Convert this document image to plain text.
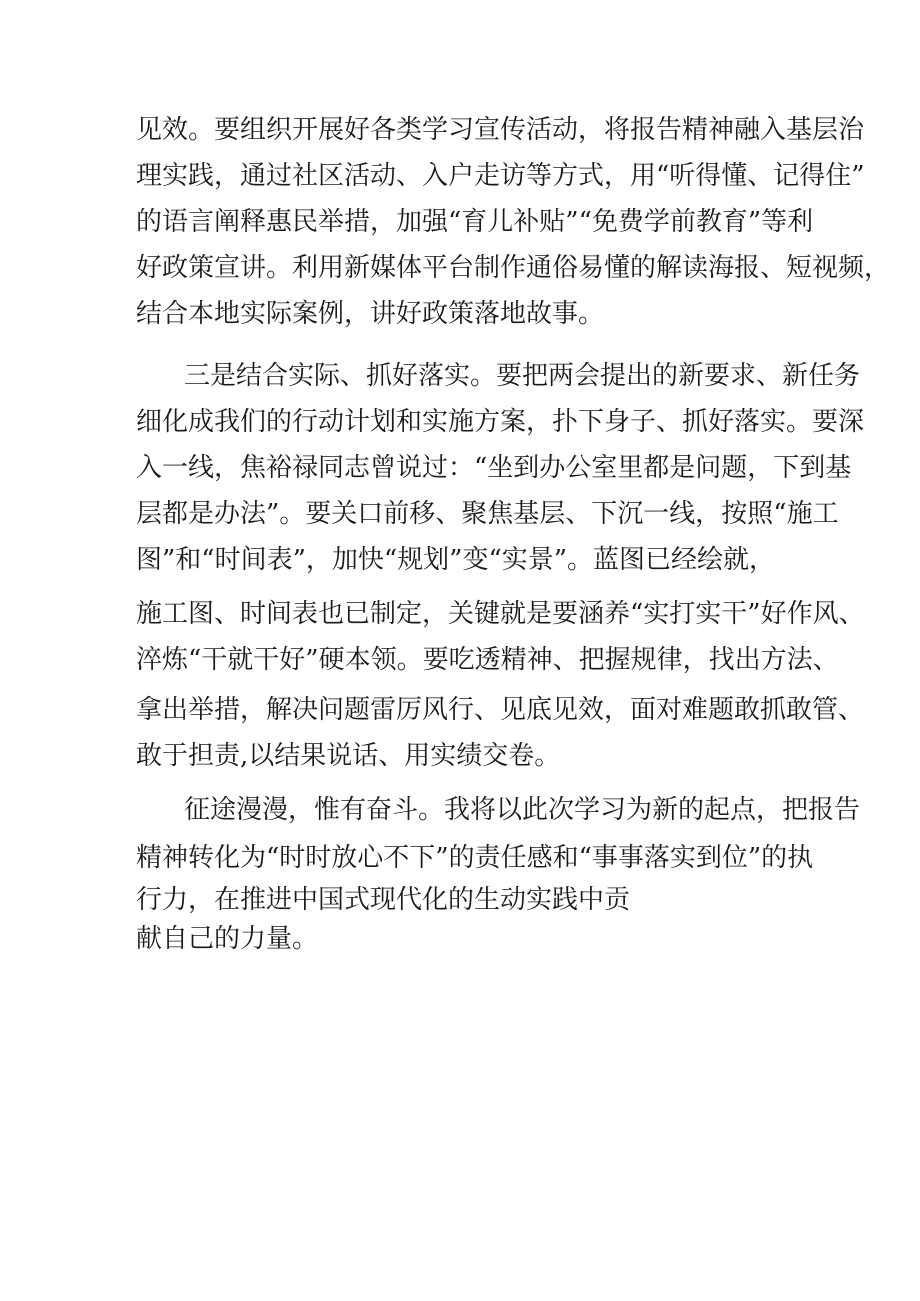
见效。要组织开展好各类学习宣传活动，将报告精神融入基层治
理实践，通过社区活动、入户走访等方式，用“听得懂、记得住”
的语言阐释惠民举措，加强“育儿补贴”“免费学前教育”等利
好政策宣讲。利用新媒体平台制作通俗易懂的解读海报、短视频，
结合本地实际案例，讲好政策落地故事。
三是结合实际、抓好落实。要把两会提出的新要求、新任务
细化成我们的行动计划和实施方案，扑下身子、抓好落实。要深
入一线，焦裕禄同志曾说过：“坐到办公室里都是问题，下到基
层都是办法”。要关口前移、聚焦基层、下沉一线，按照“施工
图”和“时间表”，加快“规划”变“实景”。蓝图已经绘就，
施工图、时间表也已制定，关键就是要涵养“实打实干”好作风、
淬炼“干就干好”硬本领。要吃透精神、把握规律，找出方法、
拿出举措，解决问题雷厉风行、见底见效，面对难题敢抓敢管、
敢于担责,以结果说话、用实绩交卷。
征途漫漫，惟有奋斗。我将以此次学习为新的起点，把报告
精神转化为“时时放心不下”的责任感和“事事落实到位”的执
行力，在推进中国式现代化的生动实践中贡
献自己的力量。
